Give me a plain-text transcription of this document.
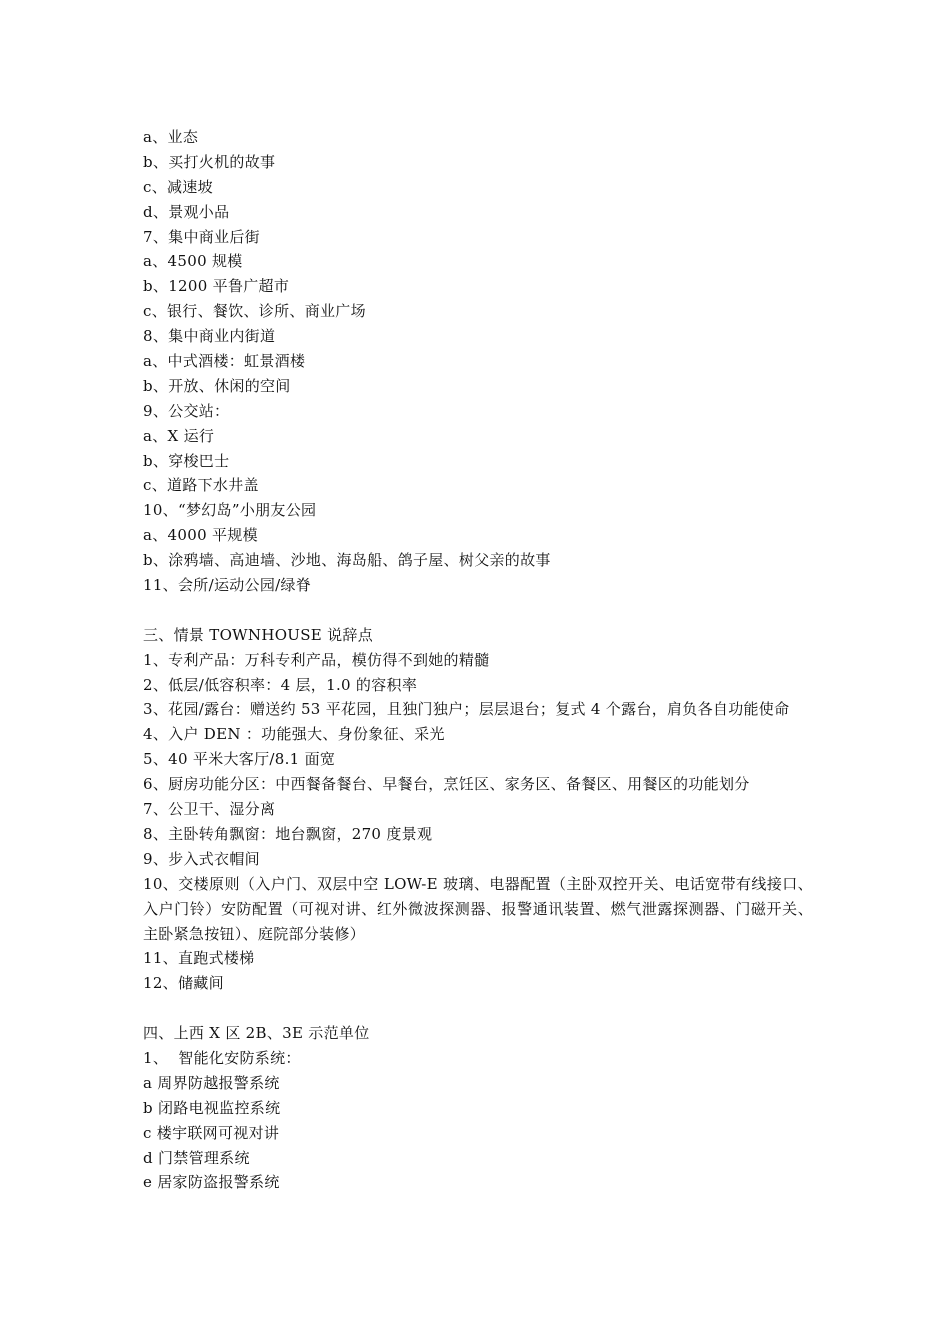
a、业态
b、买打火机的故事
c、减速坡
d、景观小品
7、集中商业后街
a、4500 规模
b、1200 平鲁广超市
c、银行、餐饮、诊所、商业广场
8、集中商业内街道
a、中式酒楼：虹景酒楼
b、开放、休闲的空间
9、公交站：
a、X 运行
b、穿梭巴士
c、道路下水井盖
10、“梦幻岛”小朋友公园
a、4000 平规模
b、涂鸦墙、高迪墙、沙地、海岛船、鸽子屋、树父亲的故事
11、会所/运动公园/绿脊
三、情景 TOWNHOUSE 说辞点
1、专利产品：万科专利产品，模仿得不到她的精髓
2、低层/低容积率：4 层，1.0 的容积率
3、花园/露台：赠送约 53 平花园，且独门独户；层层退台；复式 4 个露台，肩负各自功能使命
4、入户 DEN ：功能强大、身份象征、采光
5、40 平米大客厅/8.1 面宽
6、厨房功能分区：中西餐备餐台、早餐台，烹饪区、家务区、备餐区、用餐区的功能划分
7、公卫干、湿分离
8、主卧转角飘窗：地台飘窗，270 度景观
9、步入式衣帽间
10、交楼原则（入户门、双层中空 LOW-E 玻璃、电器配置（主卧双控开关、电话宽带有线接口、入户门铃）安防配置（可视对讲、红外微波探测器、报警通讯装置、燃气泄露探测器、门磁开关、主卧紧急按钮）、庭院部分装修）
11、直跑式楼梯
12、储藏间
四、上西 X 区 2B、3E 示范单位
1、  智能化安防系统：
a 周界防越报警系统
b 闭路电视监控系统
c 楼宇联网可视对讲
d 门禁管理系统
e 居家防盗报警系统
